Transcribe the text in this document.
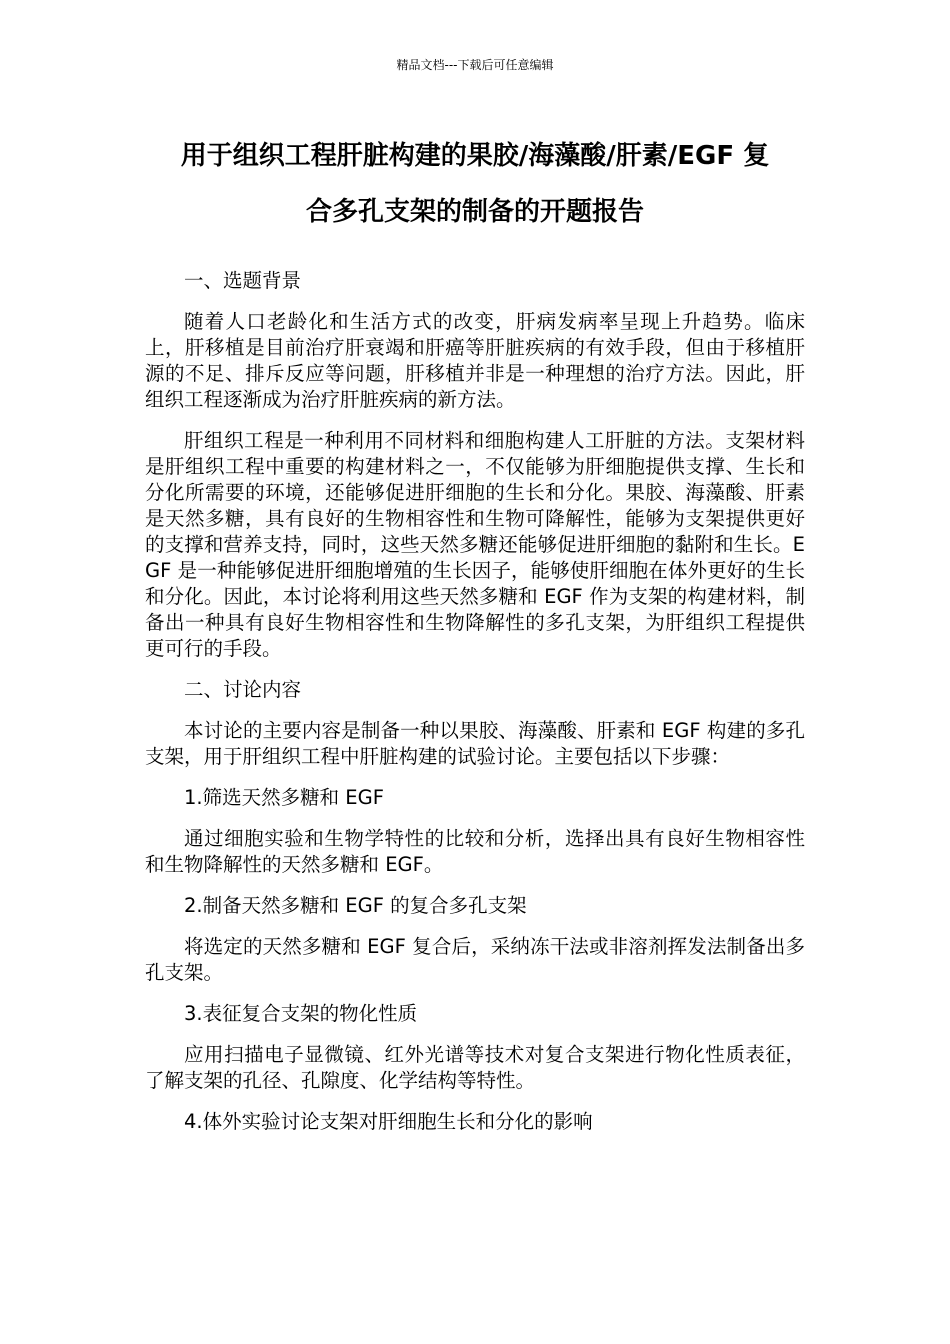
精品文档---下载后可任意编辑
用于组织工程肝脏构建的果胶/海藻酸/肝素/EGF 复
合多孔支架的制备的开题报告

一、选题背景

随着人口老龄化和生活方式的改变，肝病发病率呈现上升趋势。临床上，肝移植是目前治疗肝衰竭和肝癌等肝脏疾病的有效手段，但由于移植肝源的不足、排斥反应等问题，肝移植并非是一种理想的治疗方法。因此，肝组织工程逐渐成为治疗肝脏疾病的新方法。

肝组织工程是一种利用不同材料和细胞构建人工肝脏的方法。支架材料是肝组织工程中重要的构建材料之一，不仅能够为肝细胞提供支撑、生长和分化所需要的环境，还能够促进肝细胞的生长和分化。果胶、海藻酸、肝素是天然多糖，具有良好的生物相容性和生物可降解性，能够为支架提供更好的支撑和营养支持，同时，这些天然多糖还能够促进肝细胞的黏附和生长。EGF 是一种能够促进肝细胞增殖的生长因子，能够使肝细胞在体外更好的生长和分化。因此，本讨论将利用这些天然多糖和 EGF 作为支架的构建材料，制备出一种具有良好生物相容性和生物降解性的多孔支架，为肝组织工程提供更可行的手段。

二、讨论内容

本讨论的主要内容是制备一种以果胶、海藻酸、肝素和 EGF 构建的多孔支架，用于肝组织工程中肝脏构建的试验讨论。主要包括以下步骤：

1.筛选天然多糖和 EGF

通过细胞实验和生物学特性的比较和分析，选择出具有良好生物相容性和生物降解性的天然多糖和 EGF。

2.制备天然多糖和 EGF 的复合多孔支架

将选定的天然多糖和 EGF 复合后，采纳冻干法或非溶剂挥发法制备出多孔支架。

3.表征复合支架的物化性质

应用扫描电子显微镜、红外光谱等技术对复合支架进行物化性质表征，了解支架的孔径、孔隙度、化学结构等特性。

4.体外实验讨论支架对肝细胞生长和分化的影响
